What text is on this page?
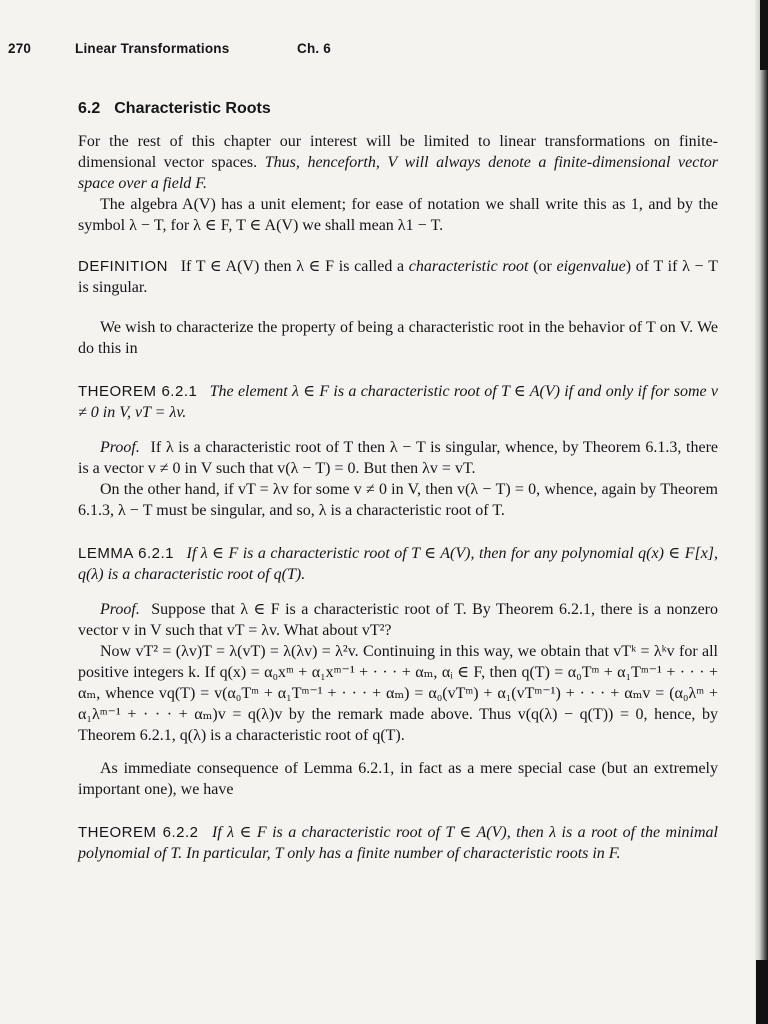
270	Linear Transformations	Ch. 6
6.2 Characteristic Roots

For the rest of this chapter our interest will be limited to linear transformations on finite-dimensional vector spaces. Thus, henceforth, V will always denote a finite-dimensional vector space over a field F.

The algebra A(V) has a unit element; for ease of notation we shall write this as 1, and by the symbol λ − T, for λ ∈ F, T ∈ A(V) we shall mean λ1 − T.

DEFINITION If T ∈ A(V) then λ ∈ F is called a characteristic root (or eigenvalue) of T if λ − T is singular.

We wish to characterize the property of being a characteristic root in the behavior of T on V. We do this in

THEOREM 6.2.1 The element λ ∈ F is a characteristic root of T ∈ A(V) if and only if for some v ≠ 0 in V, vT = λv.

Proof. If λ is a characteristic root of T then λ − T is singular, whence, by Theorem 6.1.3, there is a vector v ≠ 0 in V such that v(λ − T) = 0. But then λv = vT.

On the other hand, if vT = λv for some v ≠ 0 in V, then v(λ − T) = 0, whence, again by Theorem 6.1.3, λ − T must be singular, and so, λ is a characteristic root of T.

LEMMA 6.2.1 If λ ∈ F is a characteristic root of T ∈ A(V), then for any polynomial q(x) ∈ F[x], q(λ) is a characteristic root of q(T).

Proof. Suppose that λ ∈ F is a characteristic root of T. By Theorem 6.2.1, there is a nonzero vector v in V such that vT = λv. What about vT²?

Now vT² = (λv)T = λ(vT) = λ(λv) = λ²v. Continuing in this way, we obtain that vTᵏ = λᵏv for all positive integers k. If q(x) = α₀xᵐ + α₁xᵐ⁻¹ + · · · + αₘ, αᵢ ∈ F, then q(T) = α₀Tᵐ + α₁Tᵐ⁻¹ + · · · + αₘ, whence vq(T) = v(α₀Tᵐ + α₁Tᵐ⁻¹ + · · · + αₘ) = α₀(vTᵐ) + α₁(vTᵐ⁻¹) + · · · + αₘv = (α₀λᵐ + α₁λᵐ⁻¹ + · · · + αₘ)v = q(λ)v by the remark made above. Thus v(q(λ) − q(T)) = 0, hence, by Theorem 6.2.1, q(λ) is a characteristic root of q(T).

As immediate consequence of Lemma 6.2.1, in fact as a mere special case (but an extremely important one), we have

THEOREM 6.2.2 If λ ∈ F is a characteristic root of T ∈ A(V), then λ is a root of the minimal polynomial of T. In particular, T only has a finite number of characteristic roots in F.
